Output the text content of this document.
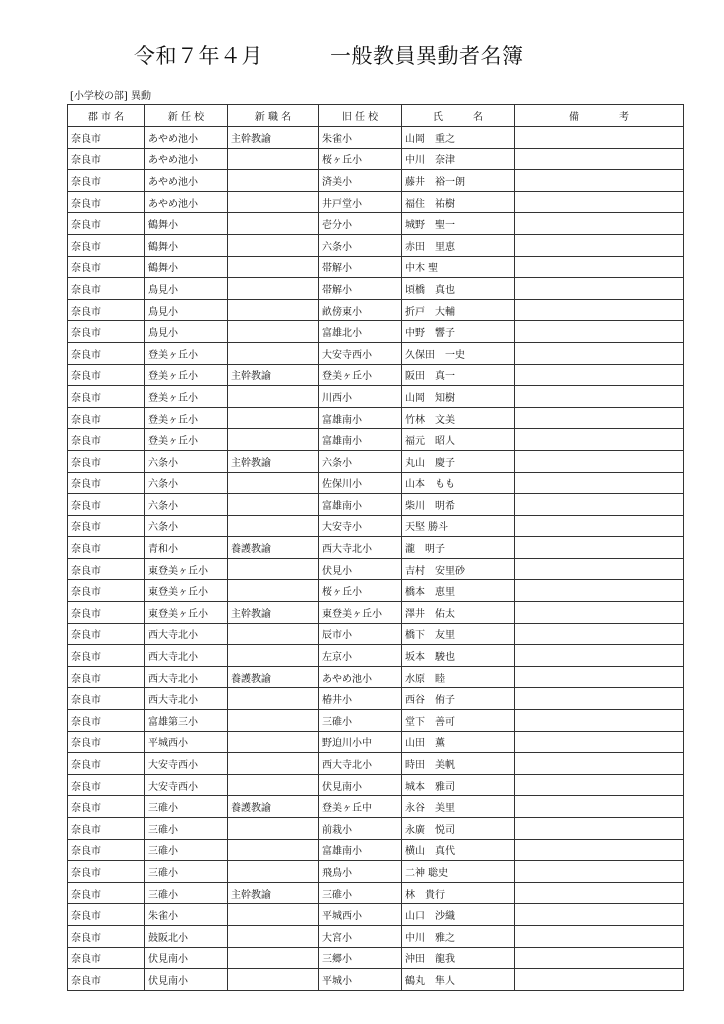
令和７年４月	一般教員異動者名簿
[小学校の部] 異動
郡 市 名	新 任 校	新 職 名	旧 任 校	氏　　　名	備　　　　考
奈良市	あやめ池小	主幹教諭	朱雀小	山岡　重之	
奈良市	あやめ池小		桜ヶ丘小	中川　奈津	
奈良市	あやめ池小		済美小	藤井　裕一朗	
奈良市	あやめ池小		井戸堂小	福住　祐樹	
奈良市	鶴舞小		壱分小	城野　聖一	
奈良市	鶴舞小		六条小	赤田　里恵	
奈良市	鶴舞小		帯解小	中木 聖	
奈良市	鳥見小		帯解小	頃橋　真也	
奈良市	鳥見小		畝傍東小	折戸　大輔	
奈良市	鳥見小		富雄北小	中野　響子	
奈良市	登美ヶ丘小		大安寺西小	久保田　一史	
奈良市	登美ヶ丘小	主幹教諭	登美ヶ丘小	阪田　真一	
奈良市	登美ヶ丘小		川西小	山岡　知樹	
奈良市	登美ヶ丘小		富雄南小	竹林　文美	
奈良市	登美ヶ丘小		富雄南小	福元　昭人	
奈良市	六条小	主幹教諭	六条小	丸山　慶子	
奈良市	六条小		佐保川小	山本　もも	
奈良市	六条小		富雄南小	柴川　明希	
奈良市	六条小		大安寺小	天堅 勝斗	
奈良市	青和小	養護教諭	西大寺北小	瀧　明子	
奈良市	東登美ヶ丘小		伏見小	吉村　安里砂	
奈良市	東登美ヶ丘小		桜ヶ丘小	橋本　恵里	
奈良市	東登美ヶ丘小	主幹教諭	東登美ヶ丘小	澤井　佑太	
奈良市	西大寺北小		辰市小	橋下　友里	
奈良市	西大寺北小		左京小	坂本　駿也	
奈良市	西大寺北小	養護教諭	あやめ池小	水原　睦	
奈良市	西大寺北小		椿井小	西谷　侑子	
奈良市	富雄第三小		三碓小	堂下　善可	
奈良市	平城西小		野迫川小中	山田　薫	
奈良市	大安寺西小		西大寺北小	時田　美帆	
奈良市	大安寺西小		伏見南小	城本　雅司	
奈良市	三碓小	養護教諭	登美ヶ丘中	永谷　美里	
奈良市	三碓小		前栽小	永廣　悦司	
奈良市	三碓小		富雄南小	横山　真代	
奈良市	三碓小		飛鳥小	二神 聡史	
奈良市	三碓小	主幹教諭	三碓小	林　貴行	
奈良市	朱雀小		平城西小	山口　沙織	
奈良市	鼓阪北小		大宮小	中川　雅之	
奈良市	伏見南小		三郷小	沖田　龍我	
奈良市	伏見南小		平城小	鶴丸　隼人	
